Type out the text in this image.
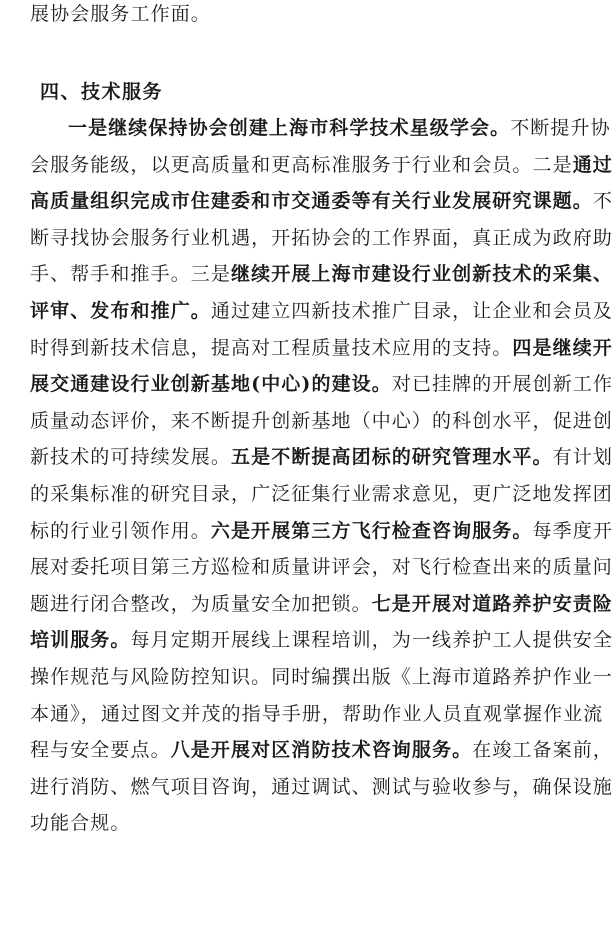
展协会服务工作面。
四、技术服务
一是继续保持协会创建上海市科学技术星级学会。不断提升协
会服务能级，以更高质量和更高标准服务于行业和会员。二是通过
高质量组织完成市住建委和市交通委等有关行业发展研究课题。不
断寻找协会服务行业机遇，开拓协会的工作界面，真正成为政府助
手、帮手和推手。三是继续开展上海市建设行业创新技术的采集、
评审、发布和推广。通过建立四新技术推广目录，让企业和会员及
时得到新技术信息，提高对工程质量技术应用的支持。四是继续开
展交通建设行业创新基地(中心)的建设。对已挂牌的开展创新工作
质量动态评价，来不断提升创新基地（中心）的科创水平，促进创
新技术的可持续发展。五是不断提高团标的研究管理水平。有计划
的采集标准的研究目录，广泛征集行业需求意见，更广泛地发挥团
标的行业引领作用。六是开展第三方飞行检查咨询服务。每季度开
展对委托项目第三方巡检和质量讲评会，对飞行检查出来的质量问
题进行闭合整改，为质量安全加把锁。七是开展对道路养护安责险
培训服务。每月定期开展线上课程培训，为一线养护工人提供安全
操作规范与风险防控知识。同时编撰出版《上海市道路养护作业一
本通》，通过图文并茂的指导手册，帮助作业人员直观掌握作业流
程与安全要点。八是开展对区消防技术咨询服务。在竣工备案前，
进行消防、燃气项目咨询，通过调试、测试与验收参与，确保设施
功能合规。
